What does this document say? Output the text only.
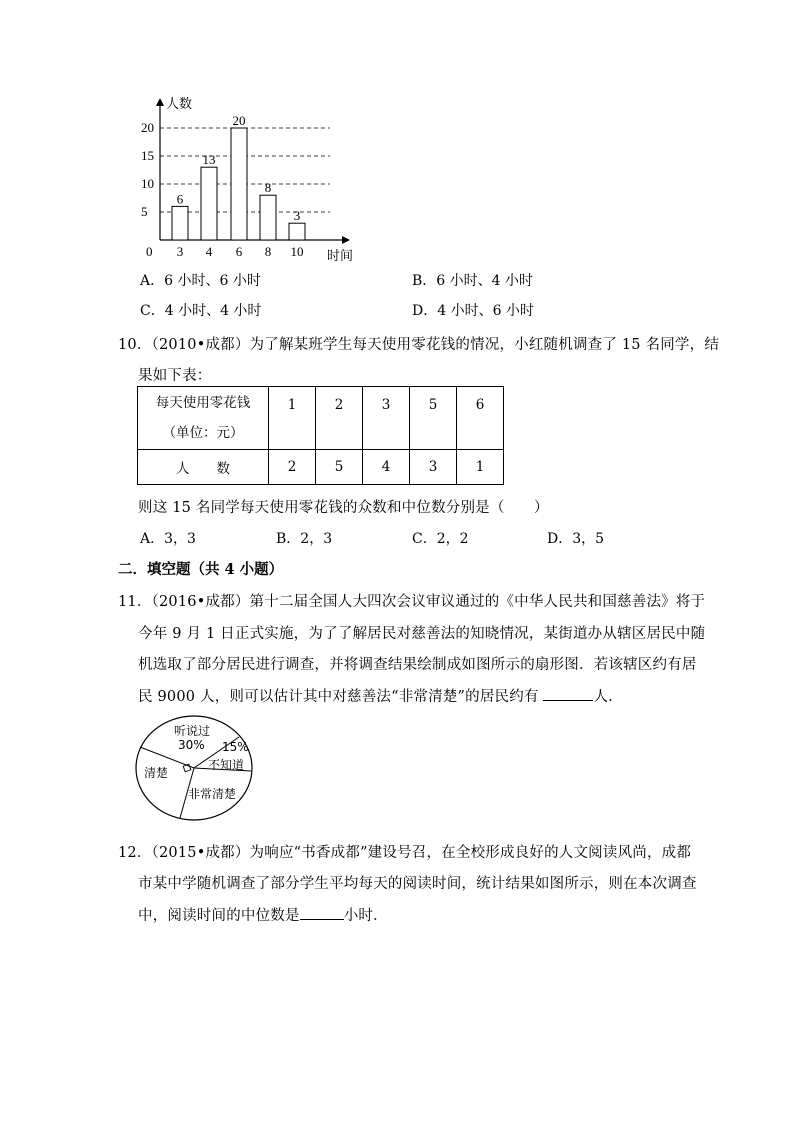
5
10
15
20
人数
时间
0
6
3
13
4
20
6
8
8
3
10
A．6 小时、6 小时	B．6 小时、4 小时
C．4 小时、4 小时	D．4 小时、6 小时
10．（2010•成都）为了解某班学生每天使用零花钱的情况，小红随机调查了 15 名同学，结
果如下表：
每天使用零花钱
（单位：元）	1	2	3	5	6
人　　数	2	5	4	3	1
则这 15 名同学每天使用零花钱的众数和中位数分别是（　　）
A．3，3	B．2，3	C．2，2	D．3，5
二．填空题（共 4 小题）
11．（2016•成都）第十二届全国人大四次会议审议通过的《中华人民共和国慈善法》将于
今年 9 月 1 日正式实施，为了了解居民对慈善法的知晓情况，某街道办从辖区居民中随
机选取了部分居民进行调查，并将调查结果绘制成如图所示的扇形图．若该辖区约有居
民 9000 人，则可以估计其中对慈善法“非常清楚”的居民约有	人．
听说过
30% 15%
不知道
清楚
非常清楚
12．（2015•成都）为响应“书香成都”建设号召，在全校形成良好的人文阅读风尚，成都
市某中学随机调查了部分学生平均每天的阅读时间，统计结果如图所示，则在本次调查
中，阅读时间的中位数是	小时．
